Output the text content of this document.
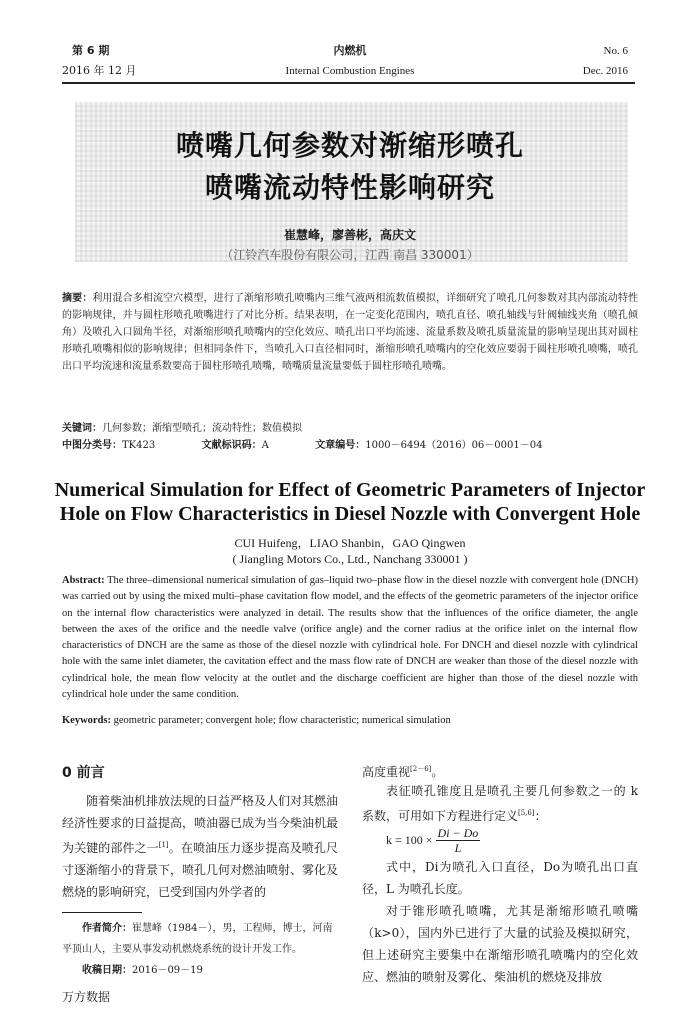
第 6 期	内燃机	No. 6
2016 年 12 月	Internal Combustion Engines	Dec. 2016
喷嘴几何参数对渐缩形喷孔
喷嘴流动特性影响研究
崔慧峰，廖善彬，高庆文
（江铃汽车股份有限公司，江西 南昌 330001）
摘要：利用混合多相流空穴模型，进行了渐缩形喷孔喷嘴内三维气液两相流数值模拟，详细研究了喷孔几何参数对其内部流动特性的影响规律，并与圆柱形喷孔喷嘴进行了对比分析。结果表明，在一定变化范围内，喷孔直径、喷孔轴线与针阀轴线夹角（喷孔倾角）及喷孔入口圆角半径，对渐缩形喷孔喷嘴内的空化效应、喷孔出口平均流速、流量系数及喷孔质量流量的影响呈现出其对圆柱形喷孔喷嘴相似的影响规律；但相同条件下，当喷孔入口直径相同时，渐缩形喷孔喷嘴内的空化效应要弱于圆柱形喷孔喷嘴，喷孔出口平均流速和流量系数要高于圆柱形喷孔喷嘴，喷嘴质量流量要低于圆柱形喷孔喷嘴。
关键词：几何参数；渐缩型喷孔；流动特性；数值模拟
中图分类号：TK423	文献标识码：A	文章编号：1000－6494（2016）06－0001－04
Numerical Simulation for Effect of Geometric Parameters of Injector
Hole on Flow Characteristics in Diesel Nozzle with Convergent Hole
CUI Huifeng，LIAO Shanbin，GAO Qingwen
( Jiangling Motors Co., Ltd., Nanchang 330001 )
Abstract: The three–dimensional numerical simulation of gas–liquid two–phase flow in the diesel nozzle with convergent hole (DNCH) was carried out by using the mixed multi–phase cavitation flow model, and the effects of the geometric parameters of the injector orifice on the internal flow characteristics were analyzed in detail. The results show that the influences of the orifice diameter, the angle between the axes of the orifice and the needle valve (orifice angle) and the corner radius at the orifice inlet on the internal flow characteristics of DNCH are the same as those of the diesel nozzle with cylindrical hole. For DNCH and diesel nozzle with cylindrical hole with the same inlet diameter, the cavitation effect and the mass flow rate of DNCH are weaker than those of the diesel nozzle with cylindrical hole, the mean flow velocity at the outlet and the discharge coefficient are higher than those of the diesel nozzle with cylindrical hole under the same condition.
Keywords: geometric parameter; convergent hole; flow characteristic; numerical simulation
0 前言
随着柴油机排放法规的日益严格及人们对其燃油经济性要求的日益提高，喷油器已成为当今柴油机最为关键的部件之一[1]。在喷油压力逐步提高及喷孔尺寸逐渐缩小的背景下，喷孔几何对燃油喷射、雾化及燃烧的影响研究，已受到国内外学者的
作者简介：崔慧峰（1984－），男，工程师，博士，河南平顶山人，主要从事发动机燃烧系统的设计开发工作。
收稿日期：2016－09－19
高度重视[2－6]。
表征喷孔锥度且是喷孔主要几何参数之一的 k 系数，可用如下方程进行定义[5,6]：
$k = 100 \times \frac{Di - Do}{L}$
式中，Di为喷孔入口直径，Do为喷孔出口直径，L 为喷孔长度。
对于锥形喷孔喷嘴，尤其是渐缩形喷孔喷嘴（k>0），国内外已进行了大量的试验及模拟研究，但上述研究主要集中在渐缩形喷孔喷嘴内的空化效应、燃油的喷射及雾化、柴油机的燃烧及排放
万方数据
